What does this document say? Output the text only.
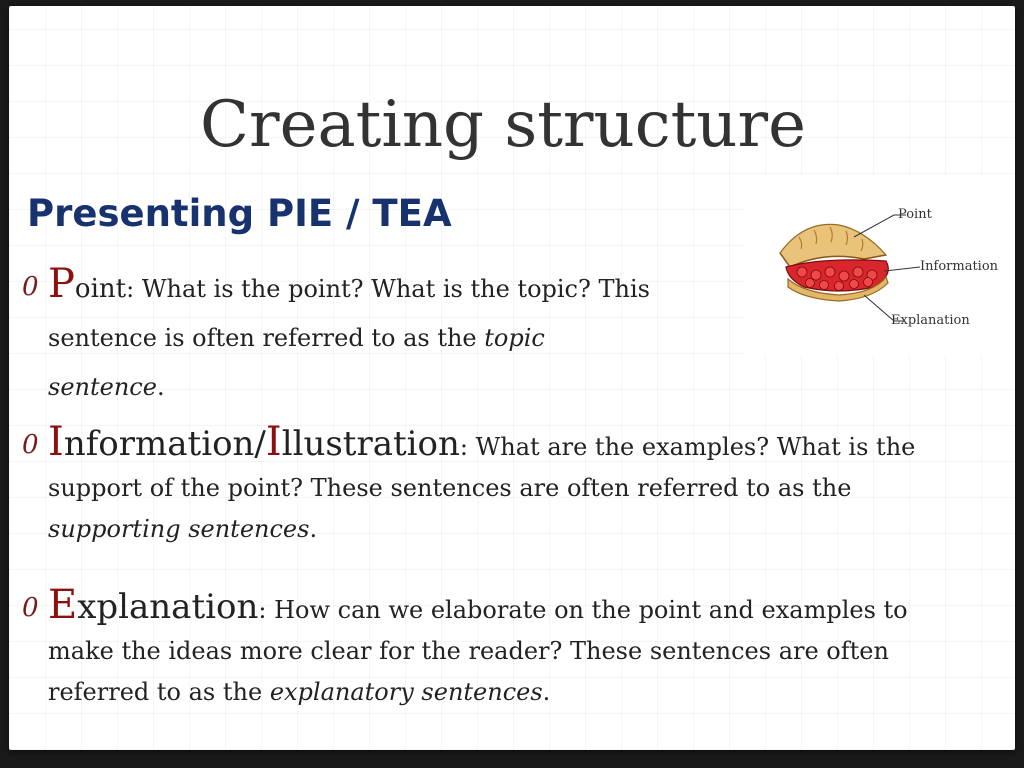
Creating structure
Presenting PIE / TEA	Point
Information
Explanation
0 Point: What is the point? What is the topic? This sentence is often referred to as the topic sentence.
0 Information/Illustration: What are the examples? What is the support of the point? These sentences are often referred to as the supporting sentences.
0 Explanation: How can we elaborate on the point and examples to make the ideas more clear for the reader? These sentences are often referred to as the explanatory sentences.
